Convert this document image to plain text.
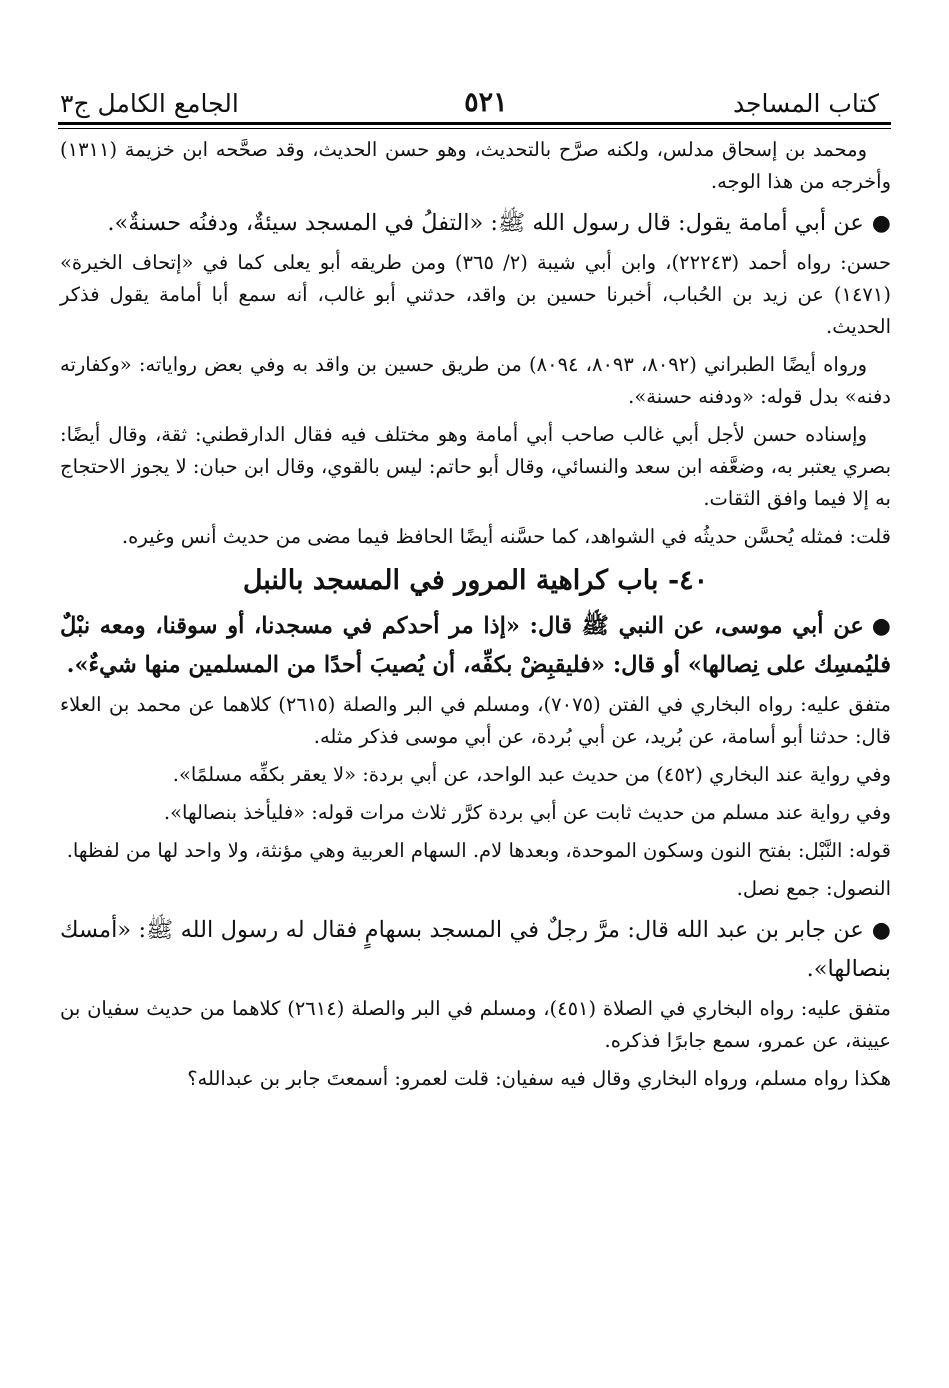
كتاب المساجد
٥٢١
الجامع الكامل ج٣
ومحمد بن إسحاق مدلس، ولكنه صرَّح بالتحديث، وهو حسن الحديث، وقد صحَّحه ابن خزيمة (١٣١١) وأخرجه من هذا الوجه.
●عن أبي أمامة يقول: قال رسول الله ﷺ: «التفلُ في المسجد سيئةٌ، ودفنُه حسنةٌ».
حسن: رواه أحمد (٢٢٢٤٣)، وابن أبي شيبة (٢/ ٣٦٥) ومن طريقه أبو يعلى كما في «إتحاف الخيرة» (١٤٧١) عن زيد بن الحُباب، أخبرنا حسين بن واقد، حدثني أبو غالب، أنه سمع أبا أمامة يقول فذكر الحديث.
ورواه أيضًا الطبراني (٨٠٩٢، ٨٠٩٣، ٨٠٩٤) من طريق حسين بن واقد به وفي بعض رواياته: «وكفارته دفنه» بدل قوله: «ودفنه حسنة».
وإسناده حسن لأجل أبي غالب صاحب أبي أمامة وهو مختلف فيه فقال الدارقطني: ثقة، وقال أيضًا: بصري يعتبر به، وضعَّفه ابن سعد والنسائي، وقال أبو حاتم: ليس بالقوي، وقال ابن حبان: لا يجوز الاحتجاج به إلا فيما وافق الثقات.
قلت: فمثله يُحسَّن حديثُه في الشواهد، كما حسَّنه أيضًا الحافظ فيما مضى من حديث أنس وغيره.
٤٠- باب كراهية المرور في المسجد بالنبل
●عن أبي موسى، عن النبي ﷺ قال: «إذا مر أحدكم في مسجدنا، أو سوقنا، ومعه نبْلٌ فليُمسِك على نِصالها» أو قال: «فليقبِضْ بكفِّه، أن يُصيبَ أحدًا من المسلمين منها شيءٌ».
متفق عليه: رواه البخاري في الفتن (٧٠٧٥)، ومسلم في البر والصلة (٢٦١٥) كلاهما عن محمد بن العلاء قال: حدثنا أبو أسامة، عن بُريد، عن أبي بُردة، عن أبي موسى فذكر مثله.
وفي رواية عند البخاري (٤٥٢) من حديث عبد الواحد، عن أبي بردة: «لا يعقر بكفِّه مسلمًا».
وفي رواية عند مسلم من حديث ثابت عن أبي بردة كرَّر ثلاث مرات قوله: «فليأخذ بنصالها».
قوله: النَّبْل: بفتح النون وسكون الموحدة، وبعدها لام. السهام العربية وهي مؤنثة، ولا واحد لها من لفظها.
النصول: جمع نصل.
●عن جابر بن عبد الله قال: مرَّ رجلٌ في المسجد بسهامٍ فقال له رسول الله ﷺ: «أمسك بنصالها».
متفق عليه: رواه البخاري في الصلاة (٤٥١)، ومسلم في البر والصلة (٢٦١٤) كلاهما من حديث سفيان بن عيينة، عن عمرو، سمع جابرًا فذكره.
هكذا رواه مسلم، ورواه البخاري وقال فيه سفيان: قلت لعمرو: أسمعتَ جابر بن عبدالله؟
